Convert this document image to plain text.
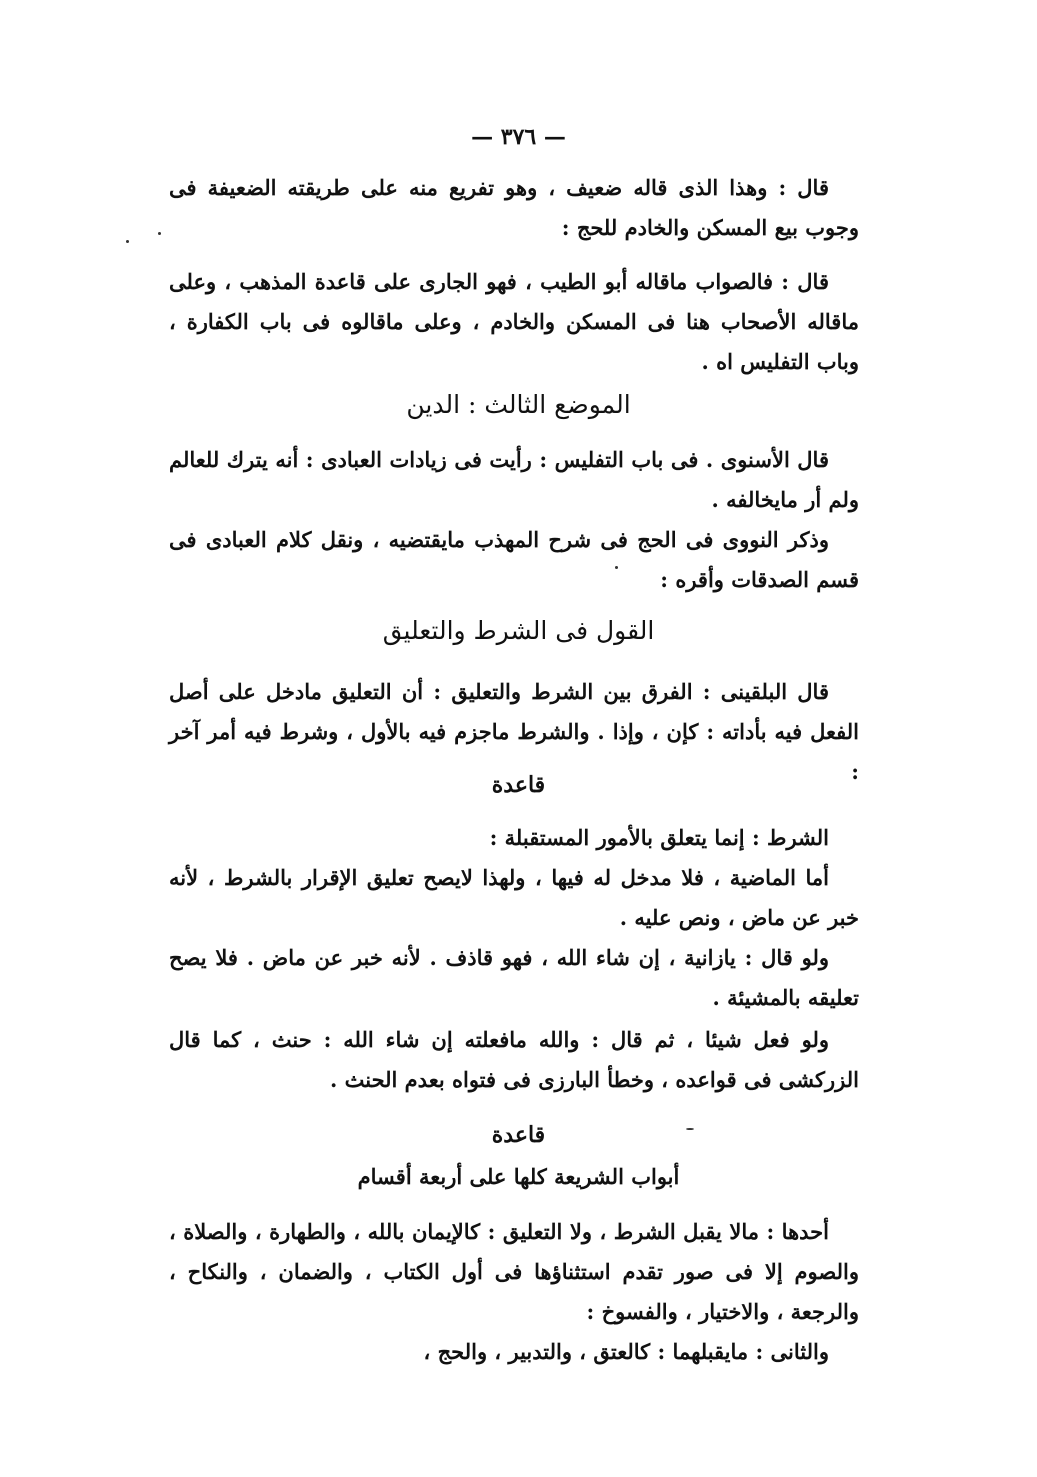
— ٣٧٦ —

قال : وهذا الذى قاله ضعيف ، وهو تفريع منه على طريقته الضعيفة فى وجوب بيع المسكن والخادم للحج :

قال : فالصواب ماقاله أبو الطيب ، فهو الجارى على قاعدة المذهب ، وعلى ماقاله الأصحاب هنا فى المسكن والخادم ، وعلى ماقالوه فى باب الكفارة ، وباب التفليس اه .

الموضع الثالث : الدين

قال الأسنوى . فى باب التفليس : رأيت فى زيادات العبادى : أنه يترك للعالم ولم أر مايخالفه .

وذكر النووى فى الحج فى شرح المهذب مايقتضيه ، ونقل كلام العبادى فى قسم الصدقات وأقره :

القول فى الشرط والتعليق

قال البلقينى : الفرق بين الشرط والتعليق : أن التعليق مادخل على أصل الفعل فيه بأداته : كإن ، وإذا . والشرط ماجزم فيه بالأول ، وشرط فيه أمر آخر :

قاعدة

الشرط : إنما يتعلق بالأمور المستقبلة :

أما الماضية ، فلا مدخل له فيها ، ولهذا لايصح تعليق الإقرار بالشرط ، لأنه خبر عن ماض ، ونص عليه .

ولو قال : يازانية ، إن شاء الله ، فهو قاذف . لأنه خبر عن ماض . فلا يصح تعليقه بالمشيئة .

ولو فعل شيئا ، ثم قال : والله مافعلته إن شاء الله : حنث ، كما قال الزركشى فى قواعده ، وخطأ البارزى فى فتواه بعدم الحنث .

قاعدة
أبواب الشريعة كلها على أربعة أقسام

أحدها : مالا يقبل الشرط ، ولا التعليق : كالإيمان بالله ، والطهارة ، والصلاة ، والصوم إلا فى صور تقدم استثناؤها فى أول الكتاب ، والضمان ، والنكاح ، والرجعة ، والاختيار ، والفسوخ :

والثانى : مايقبلهما : كالعتق ، والتدبير ، والحج ،
